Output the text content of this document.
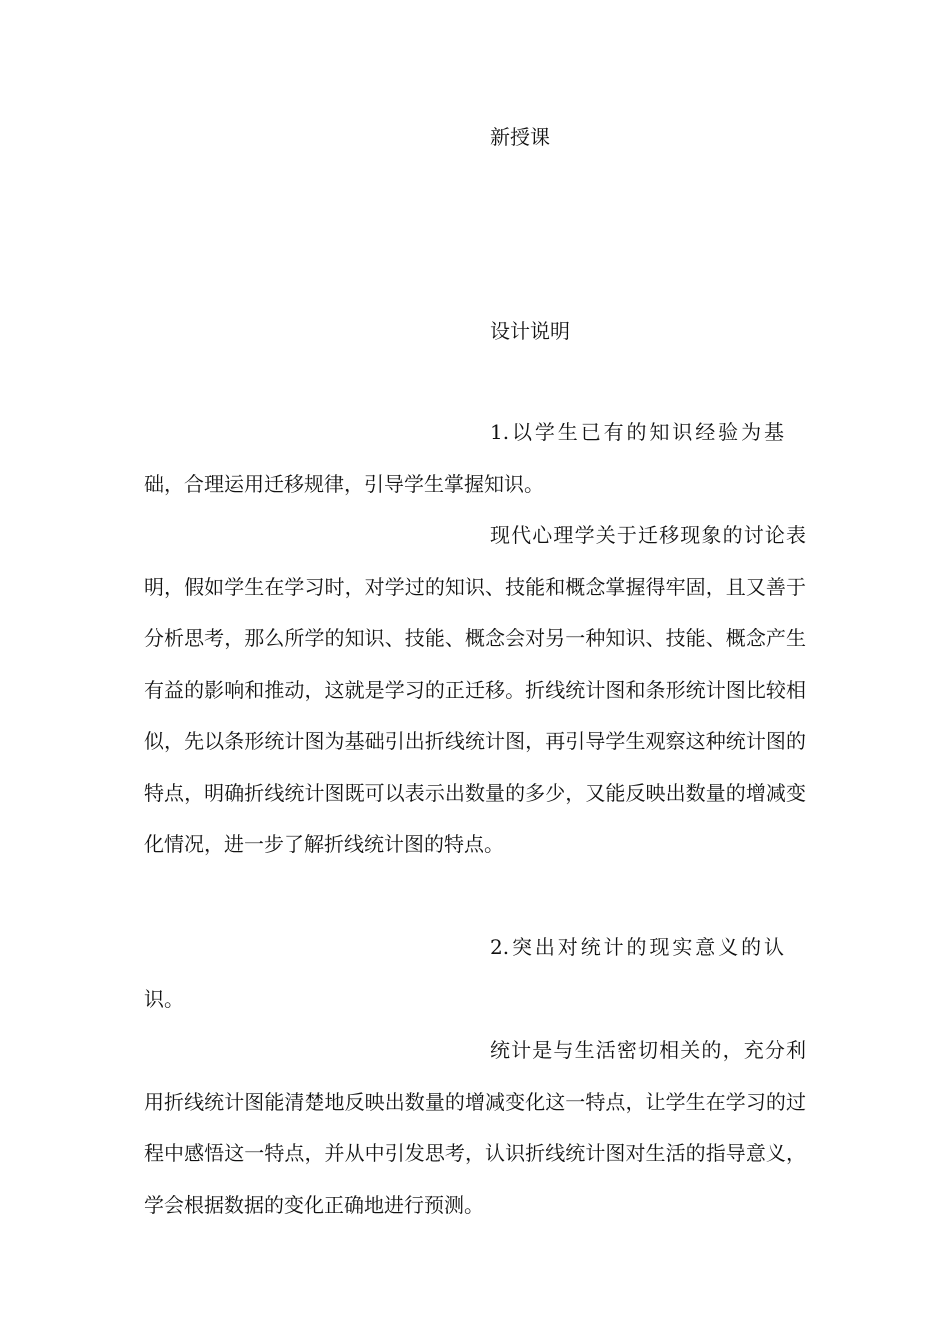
新授课
设计说明

1.以学生已有的知识经验为基础，合理运用迁移规律，引导学生掌握知识。

现代心理学关于迁移现象的讨论表明，假如学生在学习时，对学过的知识、技能和概念掌握得牢固，且又善于分析思考，那么所学的知识、技能、概念会对另一种知识、技能、概念产生有益的影响和推动，这就是学习的正迁移。折线统计图和条形统计图比较相似，先以条形统计图为基础引出折线统计图，再引导学生观察这种统计图的特点，明确折线统计图既可以表示出数量的多少，又能反映出数量的增减变化情况，进一步了解折线统计图的特点。

2.突出对统计的现实意义的认识。

统计是与生活密切相关的，充分利用折线统计图能清楚地反映出数量的增减变化这一特点，让学生在学习的过程中感悟这一特点，并从中引发思考，认识折线统计图对生活的指导意义，学会根据数据的变化正确地进行预测。
